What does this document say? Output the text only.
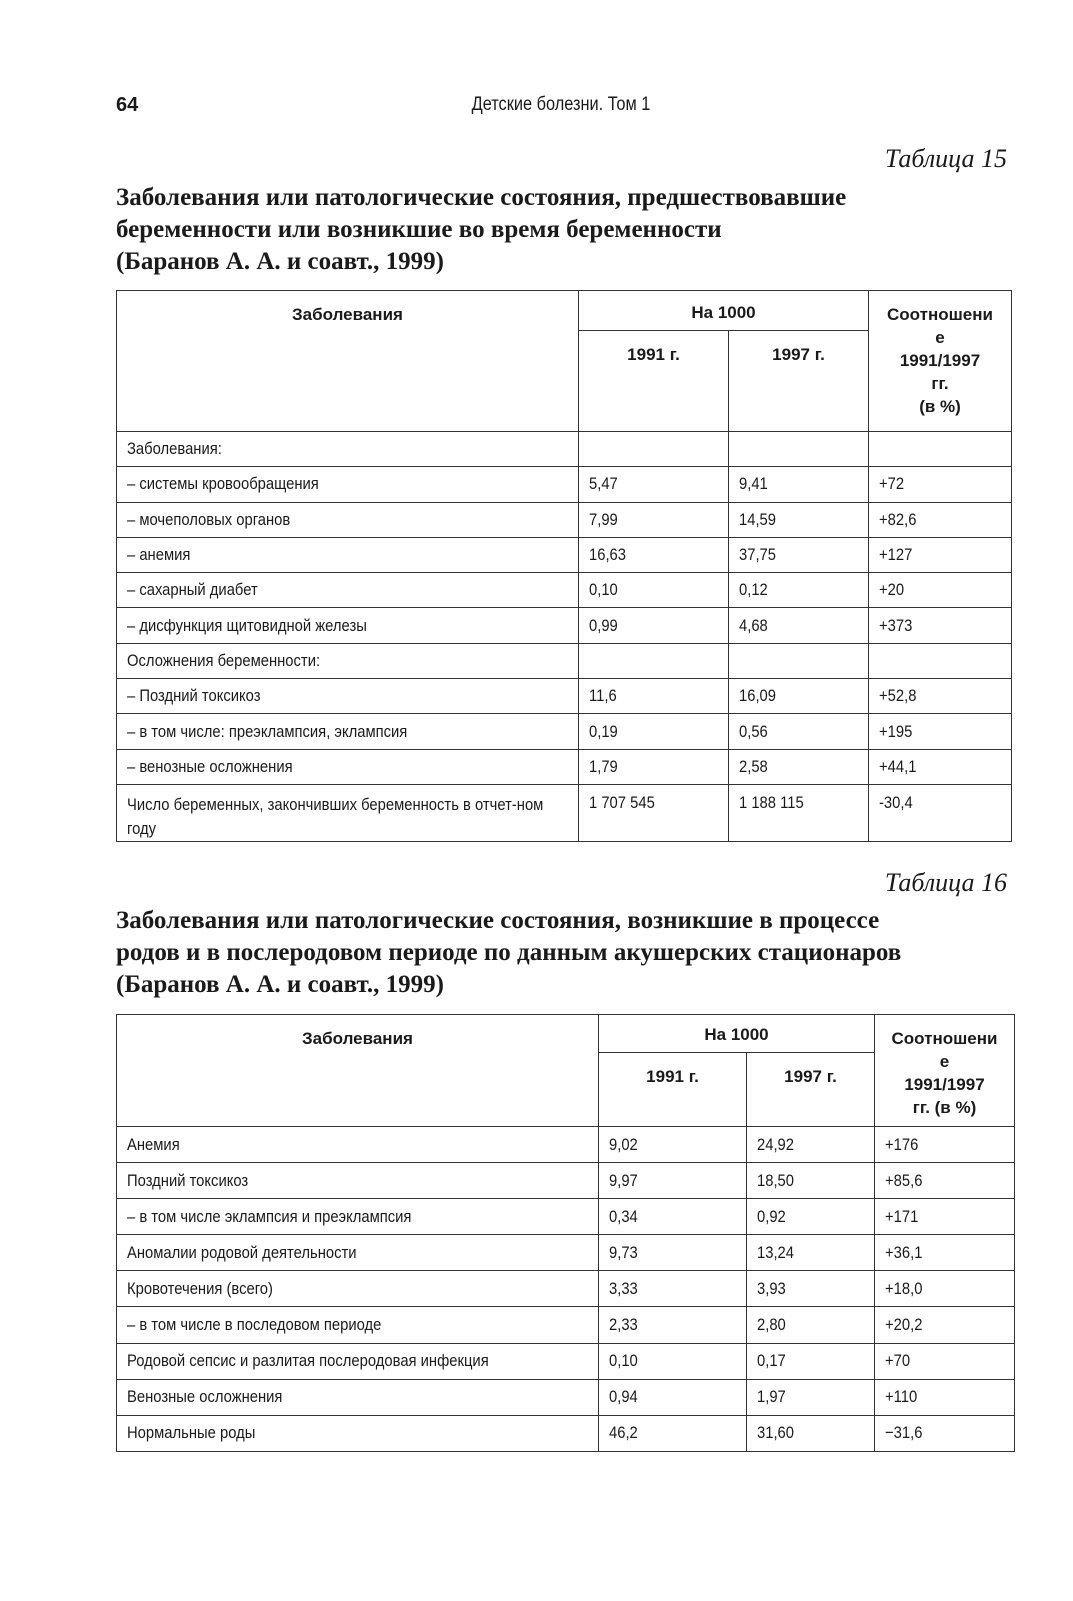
64	Детские болезни. Том 1
Таблица 15
Заболевания или патологические состояния, предшествовавшие
беременности или возникшие во время беременности
(Баранов А. А. и соавт., 1999)
Заболевания	На 1000		Соотношени
е
1991/1997
гг.
(в %)
	1991 г.	1997 г.	
Заболевания:			
– системы кровообращения	5,47	9,41	+72
– мочеполовых органов	7,99	14,59	+82,6
– анемия	16,63	37,75	+127
– сахарный диабет	0,10	0,12	+20
– дисфункция щитовидной железы	0,99	4,68	+373
Осложнения беременности:			
– Поздний токсикоз	11,6	16,09	+52,8
– в том числе: преэклампсия, эклампсия	0,19	0,56	+195
– венозные осложнения	1,79	2,58	+44,1
Число беременных, закончивших беременность в отчет-ном году	1 707 545	1 188 115	-30,4
Таблица 16
Заболевания или патологические состояния, возникшие в процессе
родов и в послеродовом периоде по данным акушерских стационаров
(Баранов А. А. и соавт., 1999)
Заболевания	На 1000		Соотношени
е
1991/1997
гг. (в %)
	1991 г.	1997 г.	
Анемия	9,02	24,92	+176
Поздний токсикоз	9,97	18,50	+85,6
– в том числе эклампсия и преэклампсия	0,34	0,92	+171
Аномалии родовой деятельности	9,73	13,24	+36,1
Кровотечения (всего)	3,33	3,93	+18,0
– в том числе в последовом периоде	2,33	2,80	+20,2
Родовой сепсис и разлитая послеродовая инфекция	0,10	0,17	+70
Венозные осложнения	0,94	1,97	+110
Нормальные роды	46,2	31,60	−31,6
